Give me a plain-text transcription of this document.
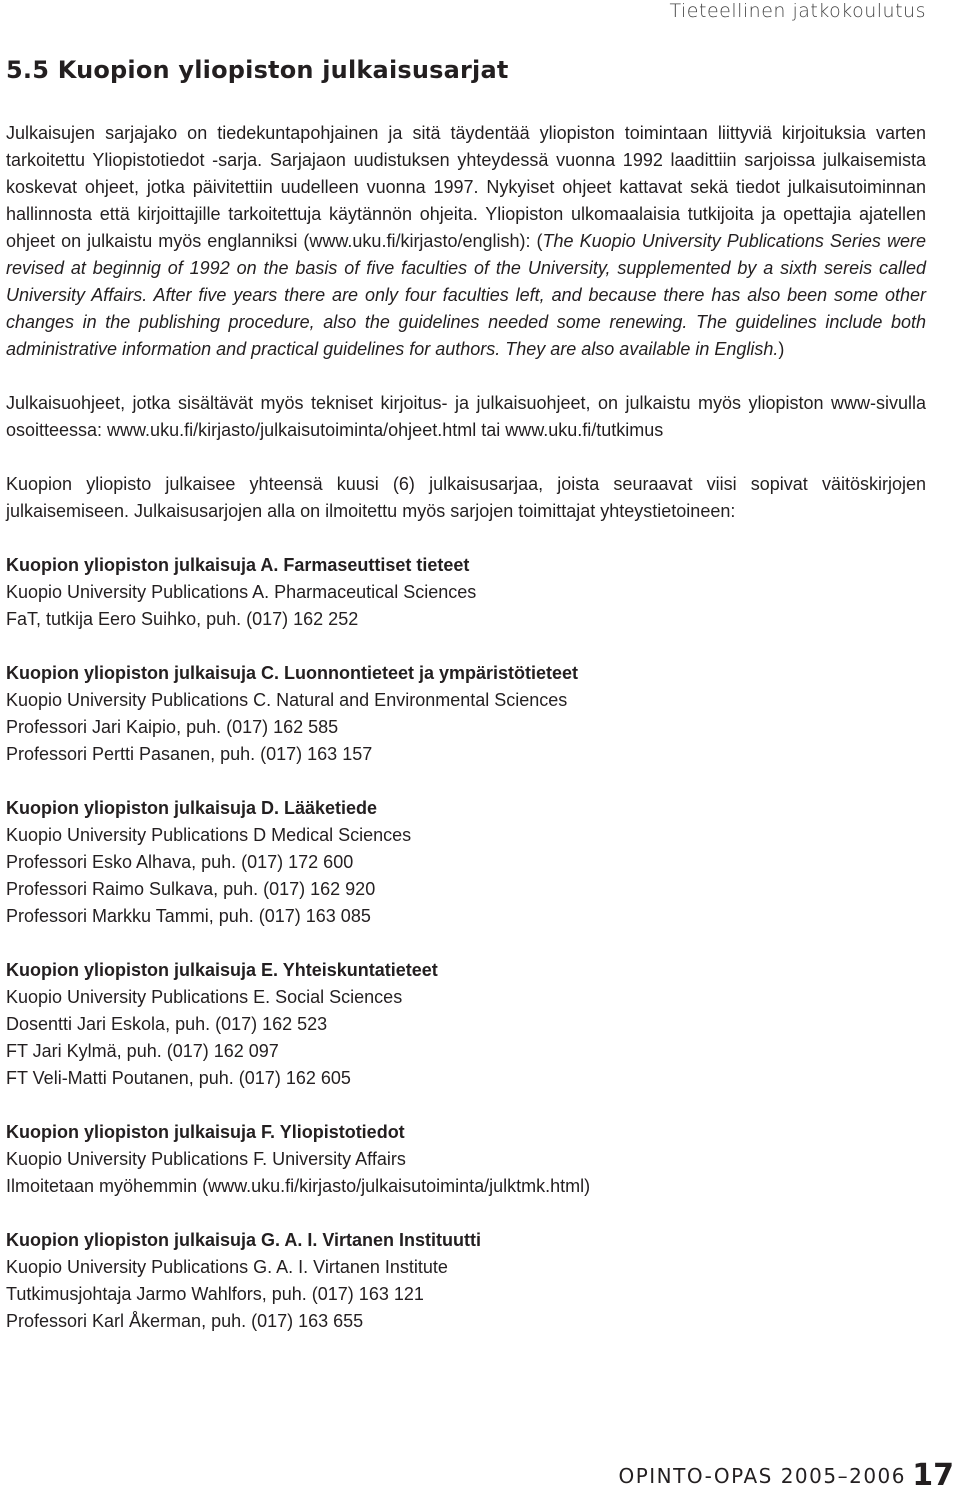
Tieteellinen jatkokoulutus
5.5 Kuopion yliopiston julkaisusarjat

Julkaisujen sarjajako on tiedekuntapohjainen ja sitä täydentää yliopiston toimintaan liittyviä kirjoituksia varten tarkoitettu Yliopistotiedot -sarja. Sarjajaon uudistuksen yhteydessä vuonna 1992 laadittiin sarjoissa julkaisemista koskevat ohjeet, jotka päivitettiin uudelleen vuonna 1997. Nykyiset ohjeet kattavat sekä tiedot julkaisutoiminnan hallinnosta että kirjoittajille tarkoitettuja käytännön ohjeita. Yliopiston ulkomaalaisia tutkijoita ja opettajia ajatellen ohjeet on julkaistu myös englanniksi (www.uku.fi/kirjasto/english): (The Kuopio University Publications Series were revised at beginnig of 1992 on the basis of five faculties of the University, supplemented by a sixth sereis called University Affairs. After five years there are only four faculties left, and because there has also been some other changes in the publishing procedure, also the guidelines needed some renewing. The guidelines include both administrative information and practical guidelines for authors. They are also available in English.)

Julkaisuohjeet, jotka sisältävät myös tekniset kirjoitus- ja julkaisuohjeet, on julkaistu myös yliopiston www-sivulla osoitteessa: www.uku.fi/kirjasto/julkaisutoiminta/ohjeet.html tai www.uku.fi/tutkimus

Kuopion yliopisto julkaisee yhteensä kuusi (6) julkaisusarjaa, joista seuraavat viisi sopivat väitöskirjojen julkaisemiseen. Julkaisusarjojen alla on ilmoitettu myös sarjojen toimittajat yhteystietoineen:

Kuopion yliopiston julkaisuja A. Farmaseuttiset tieteet

Kuopio University Publications A. Pharmaceutical Sciences

FaT, tutkija Eero Suihko, puh. (017) 162 252

Kuopion yliopiston julkaisuja C. Luonnontieteet ja ympäristötieteet

Kuopio University Publications C. Natural and Environmental Sciences

Professori Jari Kaipio, puh. (017) 162 585

Professori Pertti Pasanen, puh. (017) 163 157

Kuopion yliopiston julkaisuja D. Lääketiede

Kuopio University Publications D Medical Sciences

Professori Esko Alhava, puh. (017) 172 600

Professori Raimo Sulkava, puh. (017) 162 920

Professori Markku Tammi, puh. (017) 163 085

Kuopion yliopiston julkaisuja E. Yhteiskuntatieteet

Kuopio University Publications E. Social Sciences

Dosentti Jari Eskola, puh. (017) 162 523

FT Jari Kylmä, puh. (017) 162 097

FT Veli-Matti Poutanen, puh. (017) 162 605

Kuopion yliopiston julkaisuja F. Yliopistotiedot

Kuopio University Publications F. University Affairs

Ilmoitetaan myöhemmin (www.uku.fi/kirjasto/julkaisutoiminta/julktmk.html)

Kuopion yliopiston julkaisuja G. A. I. Virtanen Instituutti

Kuopio University Publications G. A. I. Virtanen Institute

Tutkimusjohtaja Jarmo Wahlfors, puh. (017) 163 121

Professori Karl Åkerman, puh. (017) 163 655

OPINTO-OPAS 2005–2006 17
